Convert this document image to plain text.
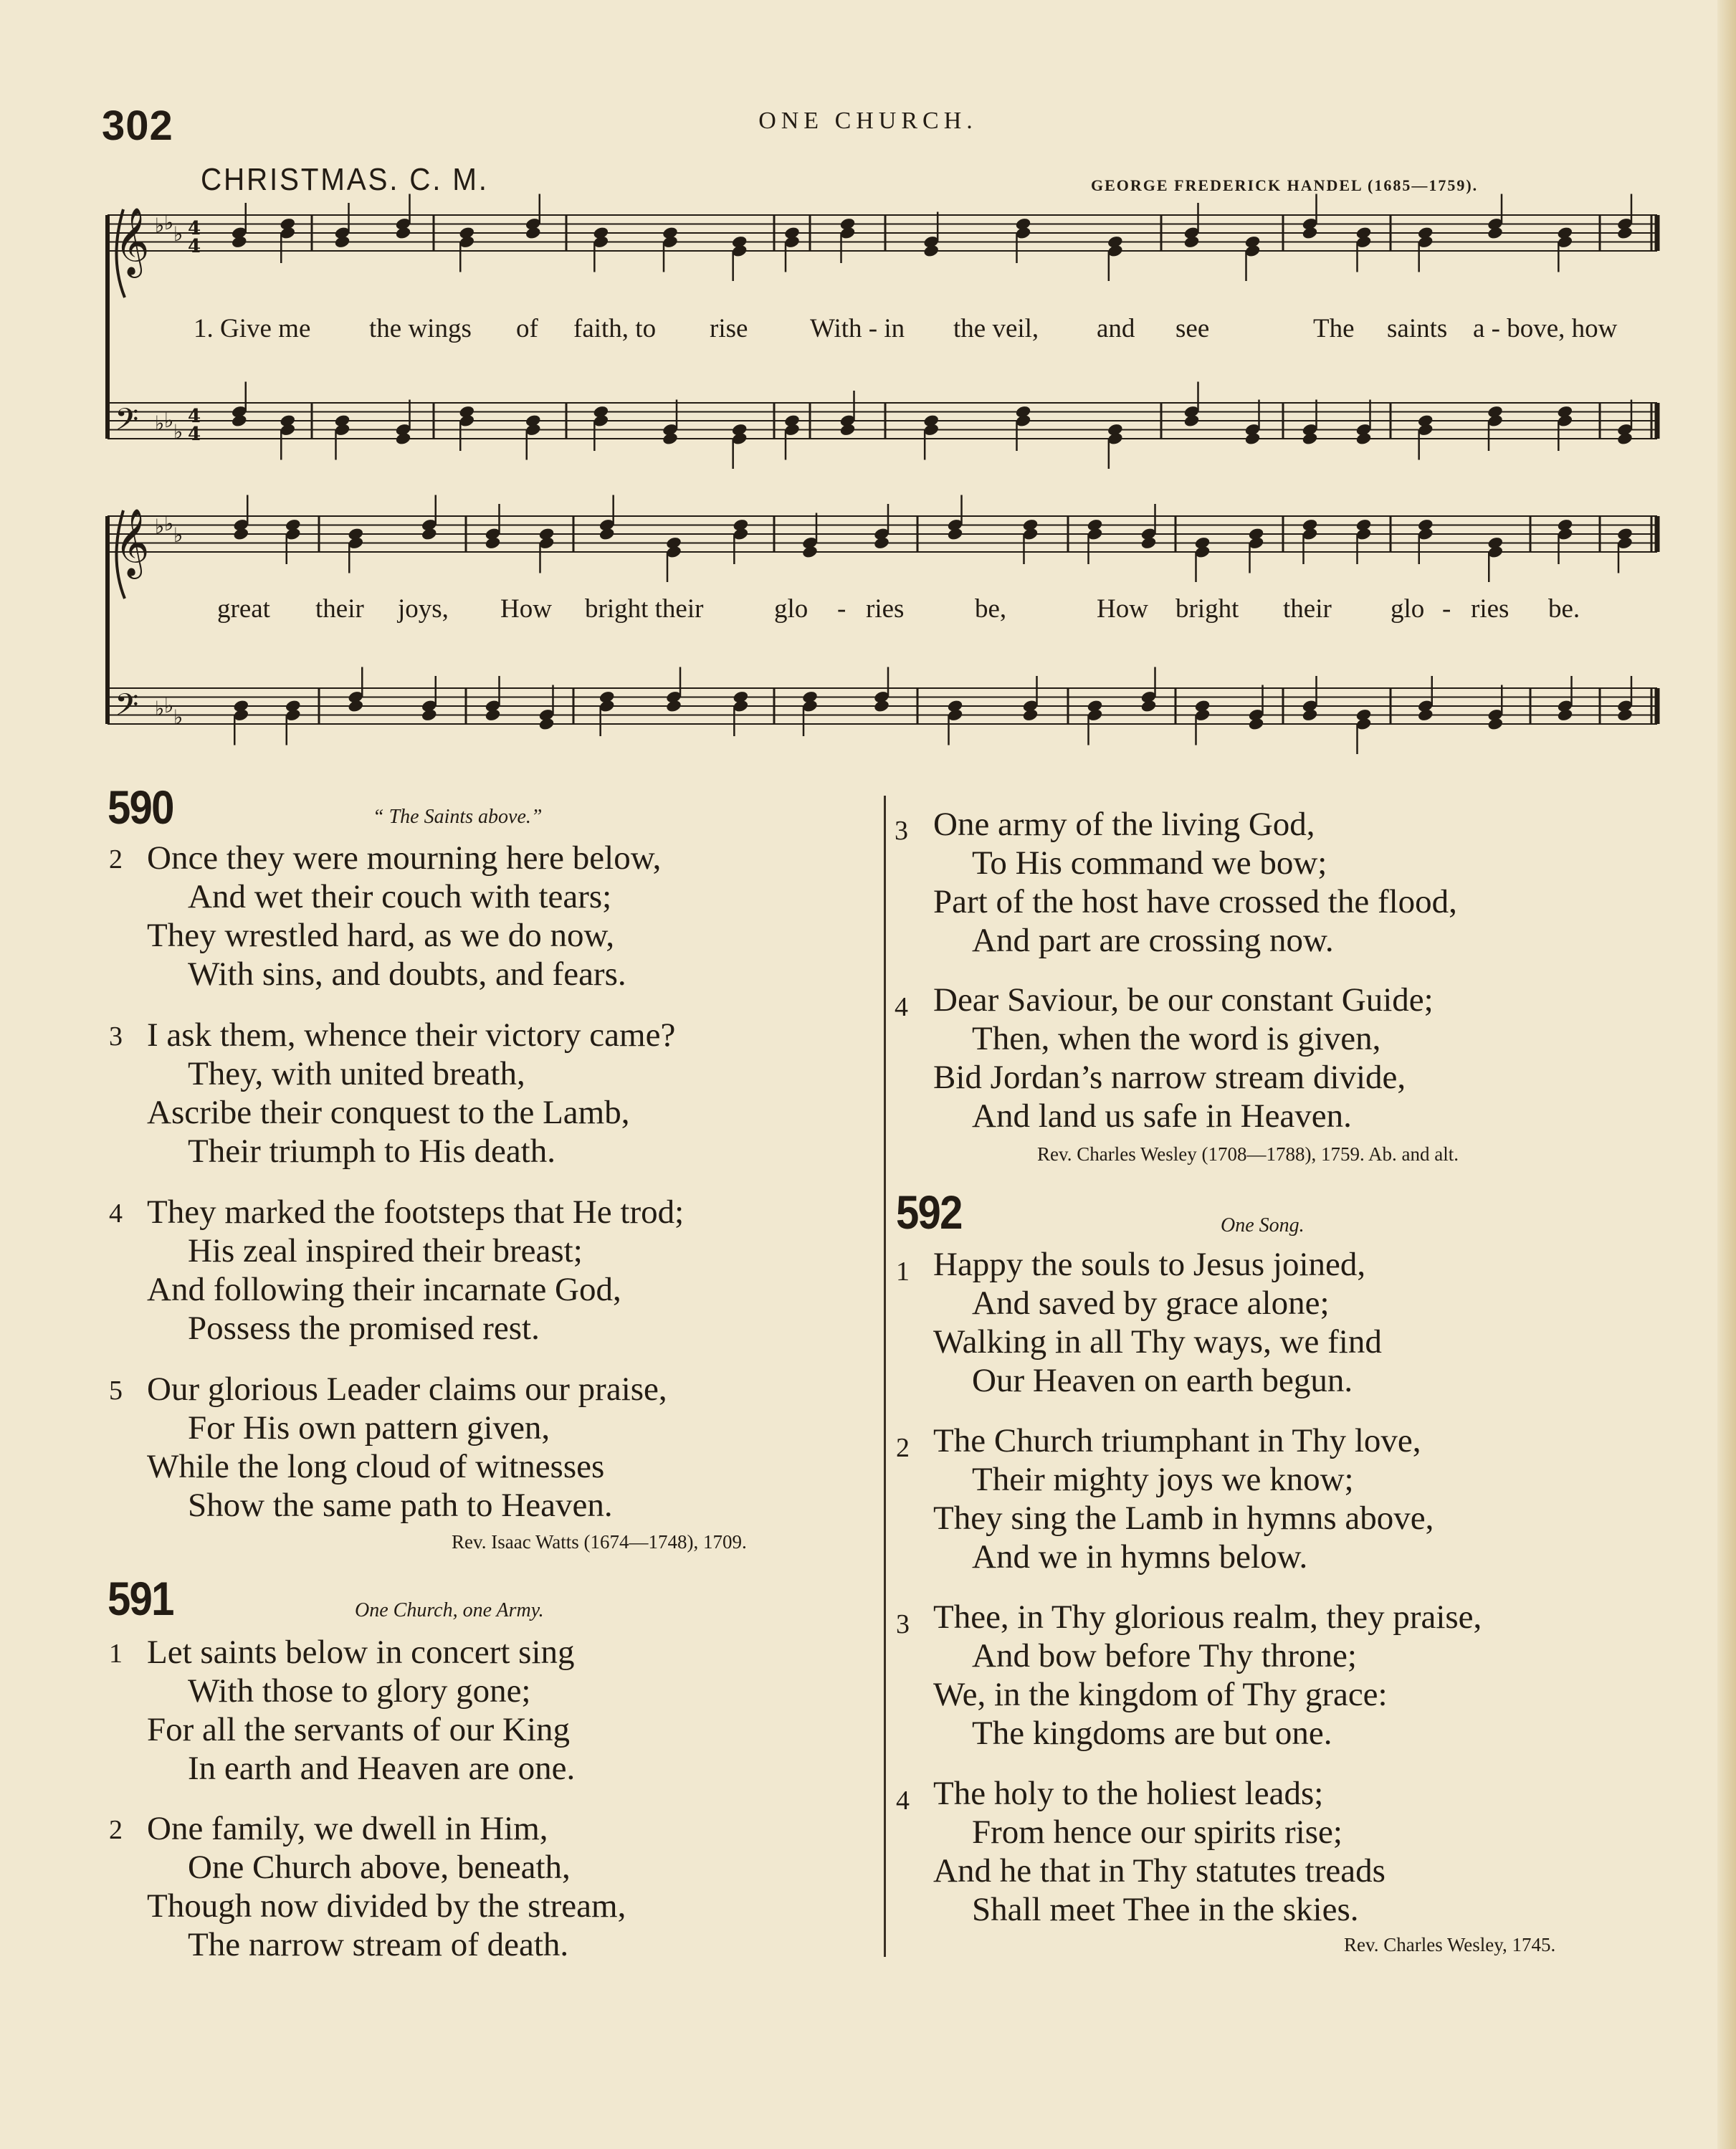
302	ONE CHURCH.
CHRISTMAS. C. M.	GEORGE FREDERICK HANDEL (1685—1759).
𝄞 ♭ ♭ ♭ 4
4
𝄢 ♭ ♭ ♭
4
4
𝄞 ♭ ♭ ♭
𝄢 ♭ ♭ ♭
1. Give me the wings of faith, to rise With - in the veil, and see	The saints a - bove, how
great their joys, How bright their	glo - ries	be,	How bright their glo - ries be.
590	“ The Saints above.”
2 Once they were mourning here below,
And wet their couch with tears;
They wrestled hard, as we do now,
With sins, and doubts, and fears.
3 I ask them, whence their victory came?
They, with united breath,
Ascribe their conquest to the Lamb,
Their triumph to His death.
4 They marked the footsteps that He trod;
His zeal inspired their breast;
And following their incarnate God,
Possess the promised rest.
5 Our glorious Leader claims our praise,
For His own pattern given,
While the long cloud of witnesses
Show the same path to Heaven.
Rev. Isaac Watts (1674—1748), 1709.
591	One Church, one Army.
1 Let saints below in concert sing
With those to glory gone;
For all the servants of our King
In earth and Heaven are one.
2 One family, we dwell in Him,
One Church above, beneath,
Though now divided by the stream,
The narrow stream of death.
3 One army of the living God,
To His command we bow;
Part of the host have crossed the flood,
And part are crossing now.
4 Dear Saviour, be our constant Guide;
Then, when the word is given,
Bid Jordan’s narrow stream divide,
And land us safe in Heaven.
Rev. Charles Wesley (1708—1788), 1759. Ab. and alt.
592	One Song.
1 Happy the souls to Jesus joined,
And saved by grace alone;
Walking in all Thy ways, we find
Our Heaven on earth begun.
2 The Church triumphant in Thy love,
Their mighty joys we know;
They sing the Lamb in hymns above,
And we in hymns below.
3 Thee, in Thy glorious realm, they praise,
And bow before Thy throne;
We, in the kingdom of Thy grace:
The kingdoms are but one.
4 The holy to the holiest leads;
From hence our spirits rise;
And he that in Thy statutes treads
Shall meet Thee in the skies.
Rev. Charles Wesley, 1745.
